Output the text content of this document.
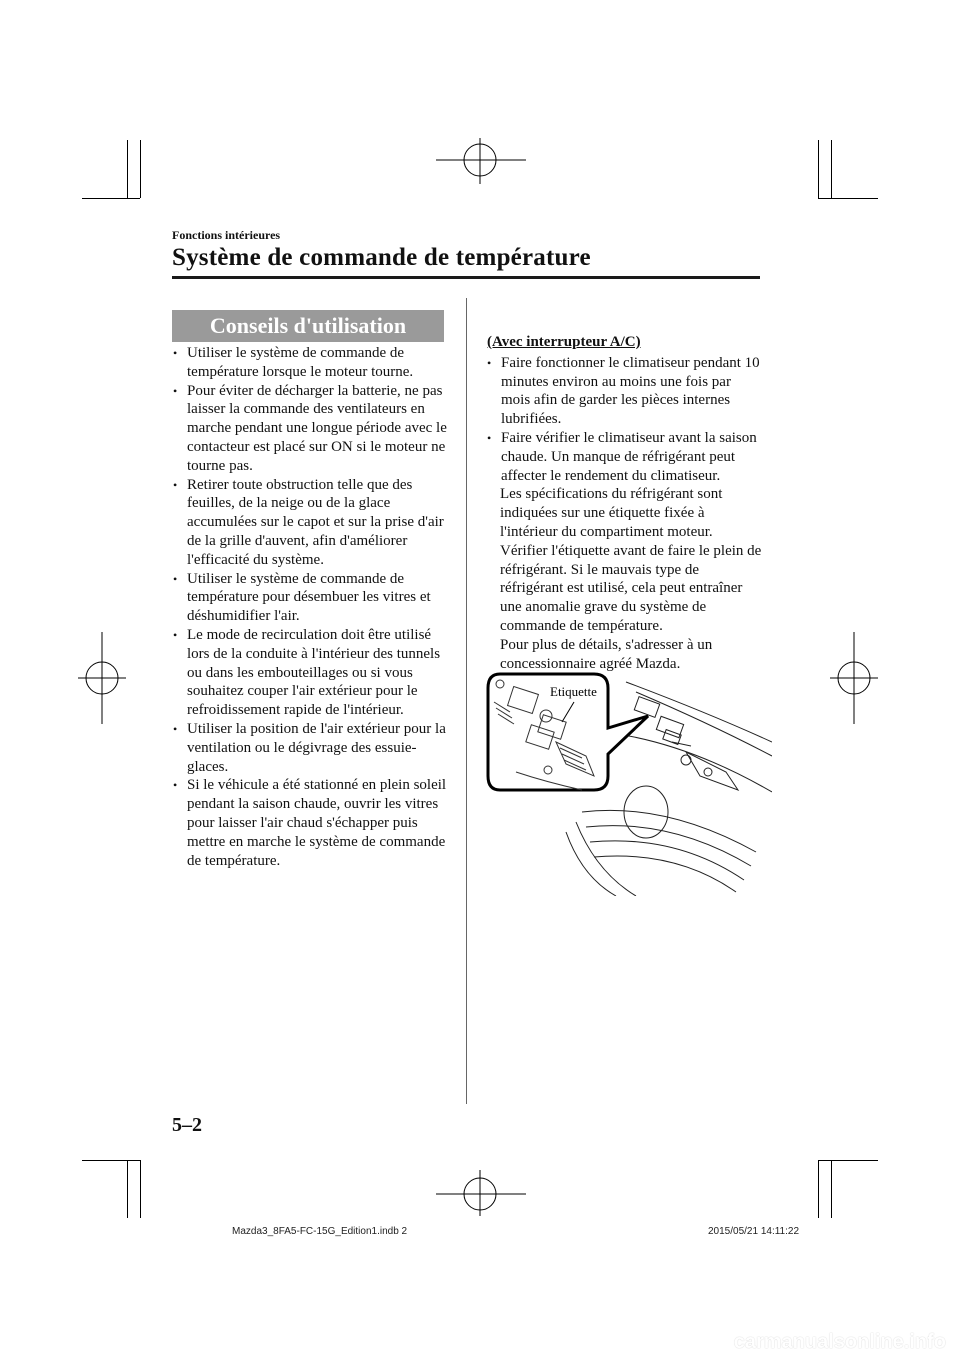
Fonctions intérieures
Système de commande de température
Conseils d'utilisation
• Utiliser le système de commande de température lorsque le moteur tourne.
• Pour éviter de décharger la batterie, ne pas laisser la commande des ventilateurs en marche pendant une longue période avec le contacteur est placé sur ON si le moteur ne tourne pas.
• Retirer toute obstruction telle que des feuilles, de la neige ou de la glace accumulées sur le capot et sur la prise d'air de la grille d'auvent, afin d'améliorer l'efficacité du système.
• Utiliser le système de commande de température pour désembuer les vitres et déshumidifier l'air.
• Le mode de recirculation doit être utilisé lors de la conduite à l'intérieur des tunnels ou dans les embouteillages ou si vous souhaitez couper l'air extérieur pour le refroidissement rapide de l'intérieur.
• Utiliser la position de l'air extérieur pour la ventilation ou le dégivrage des essuie-glaces.
• Si le véhicule a été stationné en plein soleil pendant la saison chaude, ouvrir les vitres pour laisser l'air chaud s'échapper puis mettre en marche le système de commande de température.
(Avec interrupteur A/C)
• Faire fonctionner le climatiseur pendant 10 minutes environ au moins une fois par mois afin de garder les pièces internes lubrifiées.
• Faire vérifier le climatiseur avant la saison chaude. Un manque de réfrigérant peut affecter le rendement du climatiseur.
Les spécifications du réfrigérant sont indiquées sur une étiquette fixée à l'intérieur du compartiment moteur. Vérifier l'étiquette avant de faire le plein de réfrigérant. Si le mauvais type de réfrigérant est utilisé, cela peut entraîner une anomalie grave du système de commande de température.
Pour plus de détails, s'adresser à un concessionnaire agréé Mazda.
Etiquette
5–2
Mazda3_8FA5-FC-15G_Edition1.indb 2	2015/05/21 14:11:22
carmanualsonline.info
